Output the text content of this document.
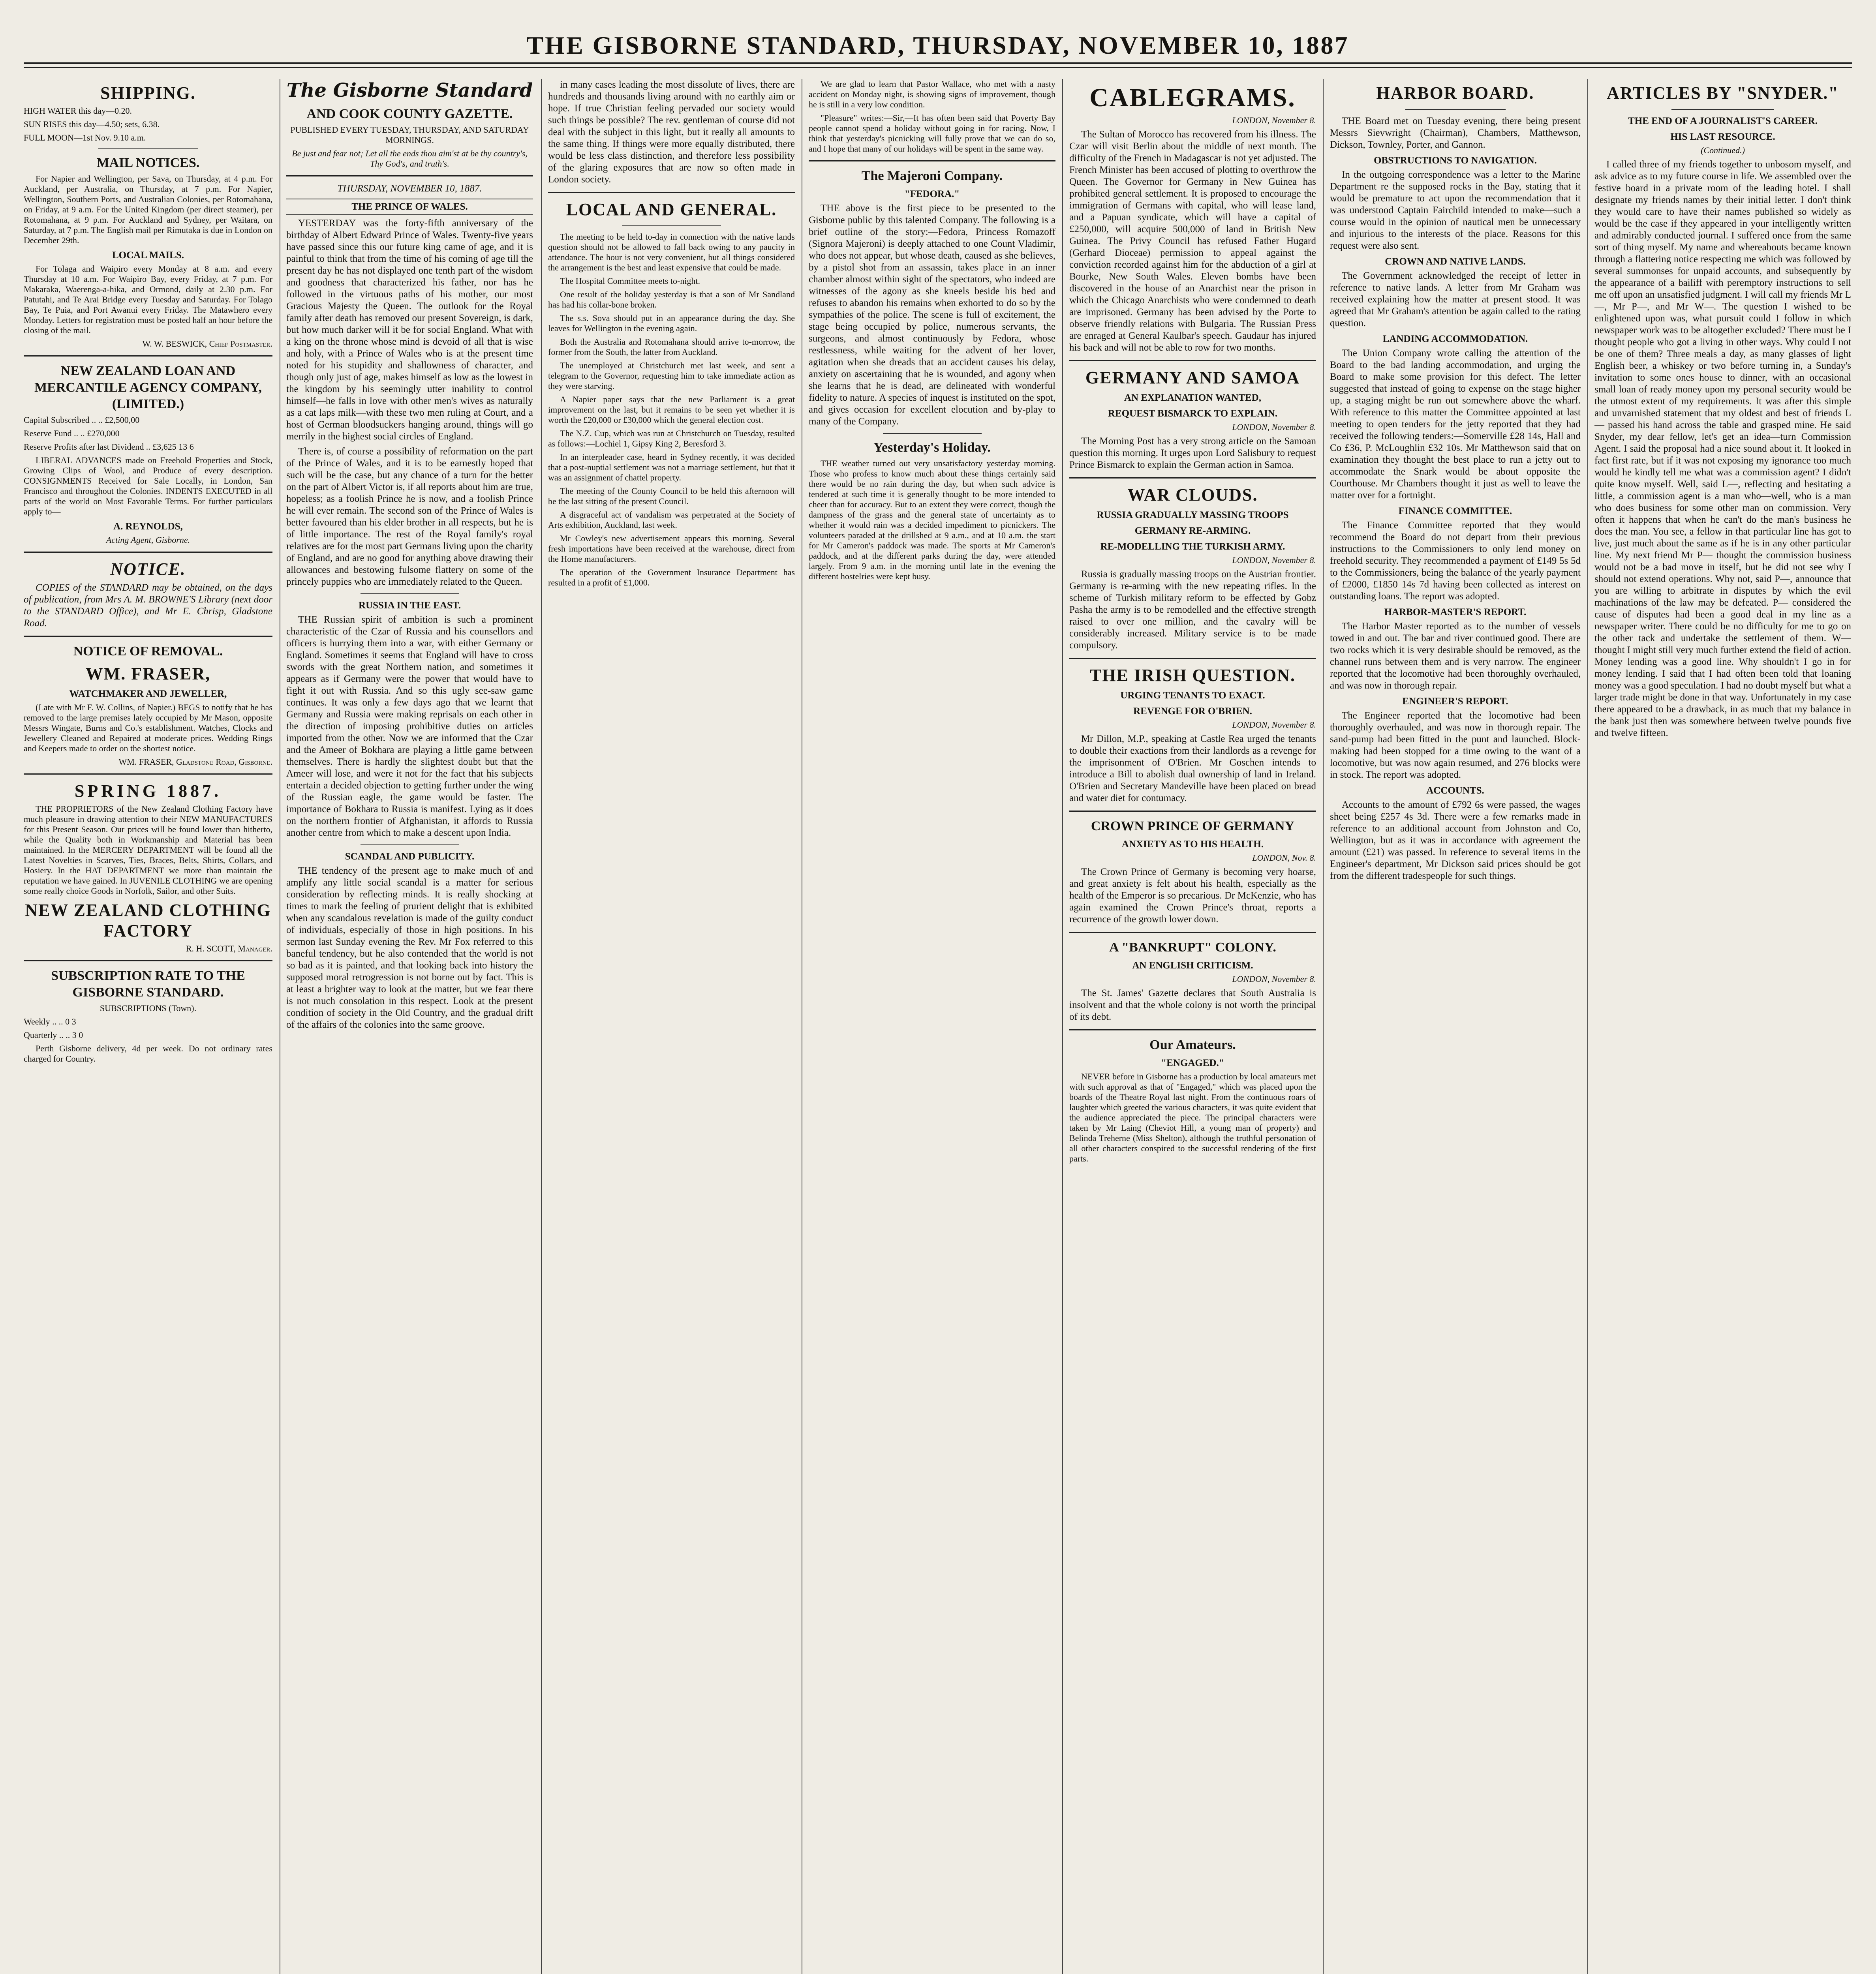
THE GISBORNE STANDARD, THURSDAY, NOVEMBER 10, 1887
SHIPPING.

HIGH WATER this day—0.20.

SUN RISES this day—4.50; sets, 6.38.

FULL MOON—1st Nov. 9.10 a.m.

MAIL NOTICES.

For Napier and Wellington, per Sava, on Thursday, at 4 p.m. For Auckland, per Australia, on Thursday, at 7 p.m. For Napier, Wellington, Southern Ports, and Australian Colonies, per Rotomahana, on Friday, at 9 a.m. For the United Kingdom (per direct steamer), per Rotomahana, at 9 p.m. For Auckland and Sydney, per Waitara, on Saturday, at 7 p.m. The English mail per Rimutaka is due in London on December 29th.

LOCAL MAILS.

For Tolaga and Waipiro every Monday at 8 a.m. and every Thursday at 10 a.m. For Waipiro Bay, every Friday, at 7 p.m. For Makaraka, Waerenga-a-hika, and Ormond, daily at 2.30 p.m. For Patutahi, and Te Arai Bridge every Tuesday and Saturday. For Tolago Bay, Te Puia, and Port Awanui every Friday. The Matawhero every Monday. Letters for registration must be posted half an hour before the closing of the mail.

W. W. BESWICK, Chief Postmaster.

NEW ZEALAND LOAN AND MERCANTILE AGENCY COMPANY, (LIMITED.)

Capital Subscribed .. .. £2,500,00

Reserve Fund .. .. £270,000

Reserve Profits after last Dividend .. £3,625 13 6

LIBERAL ADVANCES made on Freehold Properties and Stock, Growing Clips of Wool, and Produce of every description. CONSIGNMENTS Received for Sale Locally, in London, San Francisco and throughout the Colonies. INDENTS EXECUTED in all parts of the world on Most Favorable Terms. For further particulars apply to—

A. REYNOLDS,

Acting Agent, Gisborne.

NOTICE.

COPIES of the STANDARD may be obtained, on the days of publication, from Mrs A. M. BROWNE'S Library (next door to the STANDARD Office), and Mr E. Chrisp, Gladstone Road.

NOTICE OF REMOVAL.
WM. FRASER,
WATCHMAKER AND JEWELLER,

(Late with Mr F. W. Collins, of Napier.) BEGS to notify that he has removed to the large premises lately occupied by Mr Mason, opposite Messrs Wingate, Burns and Co.'s establishment. Watches, Clocks and Jewellery Cleaned and Repaired at moderate prices. Wedding Rings and Keepers made to order on the shortest notice.

WM. FRASER, Gladstone Road, Gisborne.

SPRING 1887.

THE PROPRIETORS of the New Zealand Clothing Factory have much pleasure in drawing attention to their NEW MANUFACTURES for this Present Season. Our prices will be found lower than hitherto, while the Quality both in Workmanship and Material has been maintained. In the MERCERY DEPARTMENT will be found all the Latest Novelties in Scarves, Ties, Braces, Belts, Shirts, Collars, and Hosiery. In the HAT DEPARTMENT we more than maintain the reputation we have gained. In JUVENILE CLOTHING we are opening some really choice Goods in Norfolk, Sailor, and other Suits.

NEW ZEALAND CLOTHING FACTORY

R. H. SCOTT, Manager.

SUBSCRIPTION RATE TO THE GISBORNE STANDARD.

SUBSCRIPTIONS (Town).

Weekly .. .. 0 3

Quarterly .. .. 3 0

Perth Gisborne delivery, 4d per week. Do not ordinary rates charged for Country.

The Gisborne Standard
AND COOK COUNTY GAZETTE.

PUBLISHED EVERY TUESDAY, THURSDAY, AND SATURDAY MORNINGS.

Be just and fear not; Let all the ends thou aim'st at be thy country's, Thy God's, and truth's.

THURSDAY, NOVEMBER 10, 1887.

THE PRINCE OF WALES.

YESTERDAY was the forty-fifth anniversary of the birthday of Albert Edward Prince of Wales. Twenty-five years have passed since this our future king came of age, and it is painful to think that from the time of his coming of age till the present day he has not displayed one tenth part of the wisdom and goodness that characterized his father, nor has he followed in the virtuous paths of his mother, our most Gracious Majesty the Queen. The outlook for the Royal family after death has removed our present Sovereign, is dark, but how much darker will it be for social England. What with a king on the throne whose mind is devoid of all that is wise and holy, with a Prince of Wales who is at the present time noted for his stupidity and shallowness of character, and though only just of age, makes himself as low as the lowest in the kingdom by his seemingly utter inability to control himself—he falls in love with other men's wives as naturally as a cat laps milk—with these two men ruling at Court, and a host of German bloodsuckers hanging around, things will go merrily in the highest social circles of England.

There is, of course a possibility of reformation on the part of the Prince of Wales, and it is to be earnestly hoped that such will be the case, but any chance of a turn for the better on the part of Albert Victor is, if all reports about him are true, hopeless; as a foolish Prince he is now, and a foolish Prince he will ever remain. The second son of the Prince of Wales is better favoured than his elder brother in all respects, but he is of little importance. The rest of the Royal family's royal relatives are for the most part Germans living upon the charity of England, and are no good for anything above drawing their allowances and bestowing fulsome flattery on some of the princely puppies who are immediately related to the Queen.

RUSSIA IN THE EAST.

THE Russian spirit of ambition is such a prominent characteristic of the Czar of Russia and his counsellors and officers is hurrying them into a war, with either Germany or England. Sometimes it seems that England will have to cross swords with the great Northern nation, and sometimes it appears as if Germany were the power that would have to fight it out with Russia. And so this ugly see-saw game continues. It was only a few days ago that we learnt that Germany and Russia were making reprisals on each other in the direction of imposing prohibitive duties on articles imported from the other. Now we are informed that the Czar and the Ameer of Bokhara are playing a little game between themselves. There is hardly the slightest doubt but that the Ameer will lose, and were it not for the fact that his subjects entertain a decided objection to getting further under the wing of the Russian eagle, the game would be faster. The importance of Bokhara to Russia is manifest. Lying as it does on the northern frontier of Afghanistan, it affords to Russia another centre from which to make a descent upon India.

SCANDAL AND PUBLICITY.

THE tendency of the present age to make much of and amplify any little social scandal is a matter for serious consideration by reflecting minds. It is really shocking at times to mark the feeling of prurient delight that is exhibited when any scandalous revelation is made of the guilty conduct of individuals, especially of those in high positions. In his sermon last Sunday evening the Rev. Mr Fox referred to this baneful tendency, but he also contended that the world is not so bad as it is painted, and that looking back into history the supposed moral retrogression is not borne out by fact. This is at least a brighter way to look at the matter, but we fear there is not much consolation in this respect. Look at the present condition of society in the Old Country, and the gradual drift of the affairs of the colonies into the same groove.

in many cases leading the most dissolute of lives, there are hundreds and thousands living around with no earthly aim or hope. If true Christian feeling pervaded our society would such things be possible? The rev. gentleman of course did not deal with the subject in this light, but it really all amounts to the same thing. If things were more equally distributed, there would be less class distinction, and therefore less possibility of the glaring exposures that are now so often made in London society.

LOCAL AND GENERAL.

The meeting to be held to-day in connection with the native lands question should not be allowed to fall back owing to any paucity in attendance. The hour is not very convenient, but all things considered the arrangement is the best and least expensive that could be made.

The Hospital Committee meets to-night.

One result of the holiday yesterday is that a son of Mr Sandland has had his collar-bone broken.

The s.s. Sova should put in an appearance during the day. She leaves for Wellington in the evening again.

Both the Australia and Rotomahana should arrive to-morrow, the former from the South, the latter from Auckland.

The unemployed at Christchurch met last week, and sent a telegram to the Governor, requesting him to take immediate action as they were starving.

A Napier paper says that the new Parliament is a great improvement on the last, but it remains to be seen yet whether it is worth the £20,000 or £30,000 which the general election cost.

The N.Z. Cup, which was run at Christchurch on Tuesday, resulted as follows:—Lochiel 1, Gipsy King 2, Beresford 3.

In an interpleader case, heard in Sydney recently, it was decided that a post-nuptial settlement was not a marriage settlement, but that it was an assignment of chattel property.

The meeting of the County Council to be held this afternoon will be the last sitting of the present Council.

A disgraceful act of vandalism was perpetrated at the Society of Arts exhibition, Auckland, last week.

Mr Cowley's new advertisement appears this morning. Several fresh importations have been received at the warehouse, direct from the Home manufacturers.

The operation of the Government Insurance Department has resulted in a profit of £1,000.

We are glad to learn that Pastor Wallace, who met with a nasty accident on Monday night, is showing signs of improvement, though he is still in a very low condition.

"Pleasure" writes:—Sir,—It has often been said that Poverty Bay people cannot spend a holiday without going in for racing. Now, I think that yesterday's picnicking will fully prove that we can do so, and I hope that many of our holidays will be spent in the same way.

The Majeroni Company.
"FEDORA."

THE above is the first piece to be presented to the Gisborne public by this talented Company. The following is a brief outline of the story:—Fedora, Princess Romazoff (Signora Majeroni) is deeply attached to one Count Vladimir, who does not appear, but whose death, caused as she believes, by a pistol shot from an assassin, takes place in an inner chamber almost within sight of the spectators, who indeed are witnesses of the agony as she kneels beside his bed and refuses to abandon his remains when exhorted to do so by the sympathies of the police. The scene is full of excitement, the stage being occupied by police, numerous servants, the surgeons, and almost continuously by Fedora, whose restlessness, while waiting for the advent of her lover, agitation when she dreads that an accident causes his delay, anxiety on ascertaining that he is wounded, and agony when she learns that he is dead, are delineated with wonderful fidelity to nature. A species of inquest is instituted on the spot, and gives occasion for excellent elocution and by-play to many of the Company.

Yesterday's Holiday.

THE weather turned out very unsatisfactory yesterday morning. Those who profess to know much about these things certainly said there would be no rain during the day, but when such advice is tendered at such time it is generally thought to be more intended to cheer than for accuracy. But to an extent they were correct, though the dampness of the grass and the general state of uncertainty as to whether it would rain was a decided impediment to picnickers. The volunteers paraded at the drillshed at 9 a.m., and at 10 a.m. the start for Mr Cameron's paddock was made. The sports at Mr Cameron's paddock, and at the different parks during the day, were attended largely. From 9 a.m. in the morning until late in the evening the different hostelries were kept busy.

CABLEGRAMS.

LONDON, November 8.

The Sultan of Morocco has recovered from his illness. The Czar will visit Berlin about the middle of next month. The difficulty of the French in Madagascar is not yet adjusted. The French Minister has been accused of plotting to overthrow the Queen. The Governor for Germany in New Guinea has prohibited general settlement. It is proposed to encourage the immigration of Germans with capital, who will lease land, and a Papuan syndicate, which will have a capital of £250,000, will acquire 500,000 of land in British New Guinea. The Privy Council has refused Father Hugard (Gerhard Dioceae) permission to appeal against the conviction recorded against him for the abduction of a girl at Bourke, New South Wales. Eleven bombs have been discovered in the house of an Anarchist near the prison in which the Chicago Anarchists who were condemned to death are imprisoned. Germany has been advised by the Porte to observe friendly relations with Bulgaria. The Russian Press are enraged at General Kaulbar's speech. Gaudaur has injured his back and will not be able to row for two months.

GERMANY AND SAMOA
AN EXPLANATION WANTED,
REQUEST BISMARCK TO EXPLAIN.

LONDON, November 8.

The Morning Post has a very strong article on the Samoan question this morning. It urges upon Lord Salisbury to request Prince Bismarck to explain the German action in Samoa.

WAR CLOUDS.
RUSSIA GRADUALLY MASSING TROOPS
GERMANY RE-ARMING.
RE-MODELLING THE TURKISH ARMY.

LONDON, November 8.

Russia is gradually massing troops on the Austrian frontier. Germany is re-arming with the new repeating rifles. In the scheme of Turkish military reform to be effected by Gobz Pasha the army is to be remodelled and the effective strength raised to over one million, and the cavalry will be considerably increased. Military service is to be made compulsory.

THE IRISH QUESTION.
URGING TENANTS TO EXACT.
REVENGE FOR O'BRIEN.

LONDON, November 8.

Mr Dillon, M.P., speaking at Castle Rea urged the tenants to double their exactions from their landlords as a revenge for the imprisonment of O'Brien. Mr Goschen intends to introduce a Bill to abolish dual ownership of land in Ireland. O'Brien and Secretary Mandeville have been placed on bread and water diet for contumacy.

CROWN PRINCE OF GERMANY
ANXIETY AS TO HIS HEALTH.

LONDON, Nov. 8.

The Crown Prince of Germany is becoming very hoarse, and great anxiety is felt about his health, especially as the health of the Emperor is so precarious. Dr McKenzie, who has again examined the Crown Prince's throat, reports a recurrence of the growth lower down.

A "BANKRUPT" COLONY.
AN ENGLISH CRITICISM.

LONDON, November 8.

The St. James' Gazette declares that South Australia is insolvent and that the whole colony is not worth the principal of its debt.

Our Amateurs.
"ENGAGED."

NEVER before in Gisborne has a production by local amateurs met with such approval as that of "Engaged," which was placed upon the boards of the Theatre Royal last night. From the continuous roars of laughter which greeted the various characters, it was quite evident that the audience appreciated the piece. The principal characters were taken by Mr Laing (Cheviot Hill, a young man of property) and Belinda Treherne (Miss Shelton), although the truthful personation of all other characters conspired to the successful rendering of the first parts.

HARBOR BOARD.

THE Board met on Tuesday evening, there being present Messrs Sievwright (Chairman), Chambers, Matthewson, Dickson, Townley, Porter, and Gannon.

OBSTRUCTIONS TO NAVIGATION.

In the outgoing correspondence was a letter to the Marine Department re the supposed rocks in the Bay, stating that it would be premature to act upon the recommendation that it was understood Captain Fairchild intended to make—such a course would in the opinion of nautical men be unnecessary and injurious to the interests of the place. Reasons for this request were also sent.

CROWN AND NATIVE LANDS.

The Government acknowledged the receipt of letter in reference to native lands. A letter from Mr Graham was received explaining how the matter at present stood. It was agreed that Mr Graham's attention be again called to the rating question.

LANDING ACCOMMODATION.

The Union Company wrote calling the attention of the Board to the bad landing accommodation, and urging the Board to make some provision for this defect. The letter suggested that instead of going to expense on the stage higher up, a staging might be run out somewhere above the wharf. With reference to this matter the Committee appointed at last meeting to open tenders for the jetty reported that they had received the following tenders:—Somerville £28 14s, Hall and Co £36, P. McLoughlin £32 10s. Mr Matthewson said that on examination they thought the best place to run a jetty out to accommodate the Snark would be about opposite the Courthouse. Mr Chambers thought it just as well to leave the matter over for a fortnight.

FINANCE COMMITTEE.

The Finance Committee reported that they would recommend the Board do not depart from their previous instructions to the Commissioners to only lend money on freehold security. They recommended a payment of £149 5s 5d to the Commissioners, being the balance of the yearly payment of £2000, £1850 14s 7d having been collected as interest on outstanding loans. The report was adopted.

HARBOR-MASTER'S REPORT.

The Harbor Master reported as to the number of vessels towed in and out. The bar and river continued good. There are two rocks which it is very desirable should be removed, as the channel runs between them and is very narrow. The engineer reported that the locomotive had been thoroughly overhauled, and was now in thorough repair.

ENGINEER'S REPORT.

The Engineer reported that the locomotive had been thoroughly overhauled, and was now in thorough repair. The sand-pump had been fitted in the punt and launched. Block-making had been stopped for a time owing to the want of a locomotive, but was now again resumed, and 276 blocks were in stock. The report was adopted.

ACCOUNTS.

Accounts to the amount of £792 6s were passed, the wages sheet being £257 4s 3d. There were a few remarks made in reference to an additional account from Johnston and Co, Wellington, but as it was in accordance with agreement the amount (£21) was passed. In reference to several items in the Engineer's department, Mr Dickson said prices should be got from the different tradespeople for such things.

ARTICLES BY "SNYDER."
THE END OF A JOURNALIST'S CAREER.
HIS LAST RESOURCE.

(Continued.)

I called three of my friends together to unbosom myself, and ask advice as to my future course in life. We assembled over the festive board in a private room of the leading hotel. I shall designate my friends names by their initial letter. I don't think they would care to have their names published so widely as would be the case if they appeared in your intelligently written and admirably conducted journal. I suffered once from the same sort of thing myself. My name and whereabouts became known through a flattering notice respecting me which was followed by several summonses for unpaid accounts, and subsequently by the appearance of a bailiff with peremptory instructions to sell me off upon an unsatisfied judgment. I will call my friends Mr L—, Mr P—, and Mr W—. The question I wished to be enlightened upon was, what pursuit could I follow in which newspaper work was to be altogether excluded? There must be I thought people who got a living in other ways. Why could I not be one of them? Three meals a day, as many glasses of light English beer, a whiskey or two before turning in, a Sunday's invitation to some ones house to dinner, with an occasional small loan of ready money upon my personal security would be the utmost extent of my requirements. It was after this simple and unvarnished statement that my oldest and best of friends L— passed his hand across the table and grasped mine. He said Snyder, my dear fellow, let's get an idea—turn Commission Agent. I said the proposal had a nice sound about it. It looked in fact first rate, but if it was not exposing my ignorance too much would he kindly tell me what was a commission agent? I didn't quite know myself. Well, said L—, reflecting and hesitating a little, a commission agent is a man who—well, who is a man who does business for some other man on commission. Very often it happens that when he can't do the man's business he does the man. You see, a fellow in that particular line has got to live, just much about the same as if he is in any other particular line. My next friend Mr P— thought the commission business would not be a bad move in itself, but he did not see why I should not extend operations. Why not, said P—, announce that you are willing to arbitrate in disputes by which the evil machinations of the law may be defeated. P— considered the cause of disputes had been a good deal in my line as a newspaper writer. There could be no difficulty for me to go on the other tack and undertake the settlement of them. W— thought I might still very much further extend the field of action. Money lending was a good line. Why shouldn't I go in for money lending. I said that I had often been told that loaning money was a good speculation. I had no doubt myself but what a larger trade might be done in that way. Unfortunately in my case there appeared to be a drawback, in as much that my balance in the bank just then was somewhere between twelve pounds five and twelve fifteen.
